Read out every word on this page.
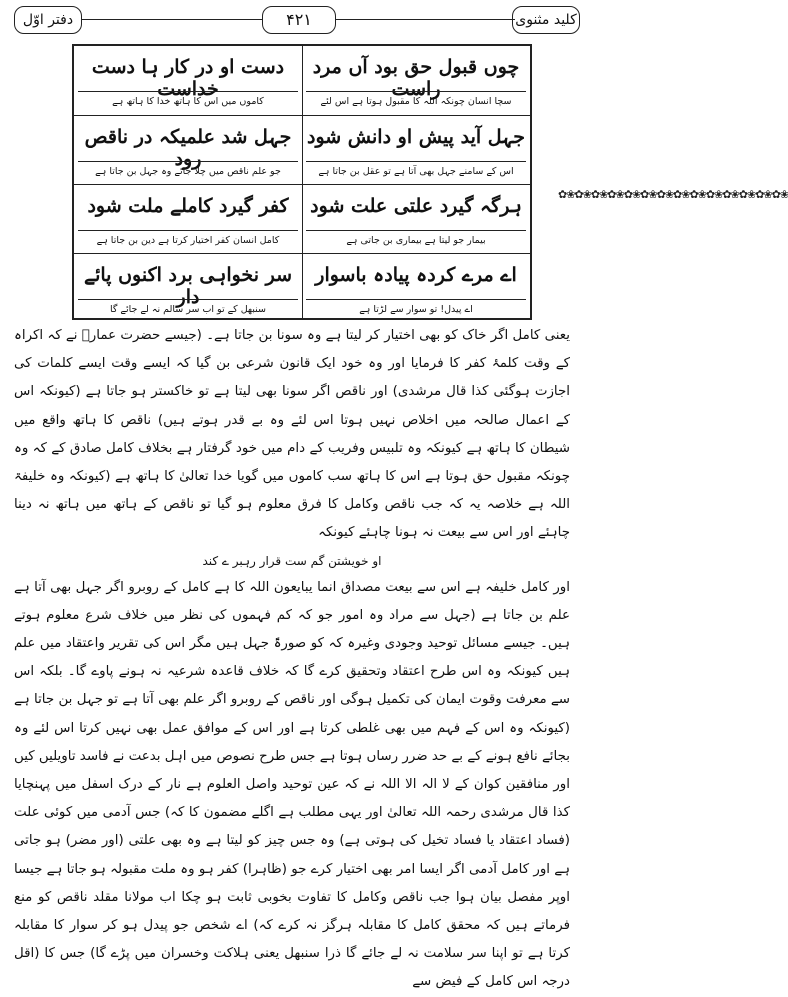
کلید مثنوی
۴۲۱
دفتر اوّل
✿❀✿❀✿❀✿❀✿❀✿❀✿❀✿❀✿❀✿❀✿❀✿❀✿❀✿❀
چوں قبول حق بود آں مرد راست
سچا انسان چونکہ اللہ کا مقبول ہوتا ہے اس لئے
دست او در کار ہا دست خداست
کاموں میں اس کا ہاتھ خدا کا ہاتھ ہے
جہل آید پیش او دانش شود
اس کے سامنے جہل بھی آتا ہے تو عقل بن جاتا ہے
جہل شد علمیکہ در ناقص رود
جو علم ناقص میں چلا جائے وہ جہل بن جاتا ہے
ہرگہ گیرد علتی علت شود
بیمار جو لیتا ہے بیماری بن جاتی ہے
کفر گیرد کاملے ملت شود
کامل انسان کفر اختیار کرتا ہے دین بن جاتا ہے
اے مرے کردہ پیادہ باسوار
اے پیدل! تو سوار سے لڑتا ہے
سر نخواہی برد اکنوں پائے دار
سنبھل کے تو اب سر سالم نہ لے جائے گا

یعنی کامل اگر خاک کو بھی اختیار کر لیتا ہے وہ سونا بن جاتا ہے۔ (جیسے حضرت عمارؓ نے کہ اکراہ کے وقت کلمۂ کفر کا فرمایا اور وہ خود ایک قانون شرعی بن گیا کہ ایسے وقت ایسے کلمات کی اجازت ہوگئی کذا قال مرشدی) اور ناقص اگر سونا بھی لیتا ہے تو خاکستر ہو جاتا ہے (کیونکہ اس کے اعمال صالحہ میں اخلاص نہیں ہوتا اس لئے وہ بے قدر ہوتے ہیں) ناقص کا ہاتھ واقع میں شیطان کا ہاتھ ہے کیونکہ وہ تلبیس وفریب کے دام میں خود گرفتار ہے بخلاف کامل صادق کے کہ وہ چونکہ مقبول حق ہوتا ہے اس کا ہاتھ سب کاموں میں گویا خدا تعالیٰ کا ہاتھ ہے (کیونکہ وہ خلیفۃ اللہ ہے خلاصہ یہ کہ جب ناقص وکامل کا فرق معلوم ہو گیا تو ناقص کے ہاتھ میں ہاتھ نہ دینا چاہئے اور اس سے بیعت نہ ہونا چاہئے کیونکہ

او خویشتن گم ست قرار رہبر ے کند

اور کامل خلیفہ ہے اس سے بیعت مصداق انما یبایعون اللہ کا ہے کامل کے روبرو اگر جہل بھی آتا ہے علم بن جاتا ہے (جہل سے مراد وہ امور جو کہ کم فہموں کی نظر میں خلاف شرع معلوم ہوتے ہیں۔ جیسے مسائل توحید وجودی وغیرہ کہ کو صورۃً جہل ہیں مگر اس کی تقریر واعتقاد میں علم ہیں کیونکہ وہ اس طرح اعتقاد وتحقیق کرے گا کہ خلاف قاعدہ شرعیہ نہ ہونے پاوے گا۔ بلکہ اس سے معرفت وقوت ایمان کی تکمیل ہوگی اور ناقص کے روبرو اگر علم بھی آتا ہے تو جہل بن جاتا ہے (کیونکہ وہ اس کے فہم میں بھی غلطی کرتا ہے اور اس کے موافق عمل بھی نہیں کرتا اس لئے وہ بجائے نافع ہونے کے بے حد ضرر رساں ہوتا ہے جس طرح نصوص میں اہل بدعت نے فاسد تاویلیں کیں اور منافقین کوان کے لا الہ الا اللہ نے کہ عین توحید واصل العلوم ہے نار کے درک اسفل میں پہنچایا کذا قال مرشدی رحمہ اللہ تعالیٰ اور یہی مطلب ہے اگلے مضمون کا کہ) جس آدمی میں کوئی علت (فساد اعتقاد یا فساد تخیل کی ہوتی ہے) وہ جس چیز کو لیتا ہے وہ بھی علتی (اور مضر) ہو جاتی ہے اور کامل آدمی اگر ایسا امر بھی اختیار کرے جو (ظاہرا) کفر ہو وہ ملت مقبولہ ہو جاتا ہے جیسا اوپر مفصل بیان ہوا جب ناقص وکامل کا تفاوت بخوبی ثابت ہو چکا اب مولانا مقلد ناقص کو منع فرماتے ہیں کہ محقق کامل کا مقابلہ ہرگز نہ کرے کہ) اے شخص جو پیدل ہو کر سوار کا مقابلہ کرتا ہے تو اپنا سر سلامت نہ لے جائے گا ذرا سنبھل یعنی ہلاکت وخسران میں پڑے گا) جس کا (اقل درجہ اس کامل کے فیض سے
